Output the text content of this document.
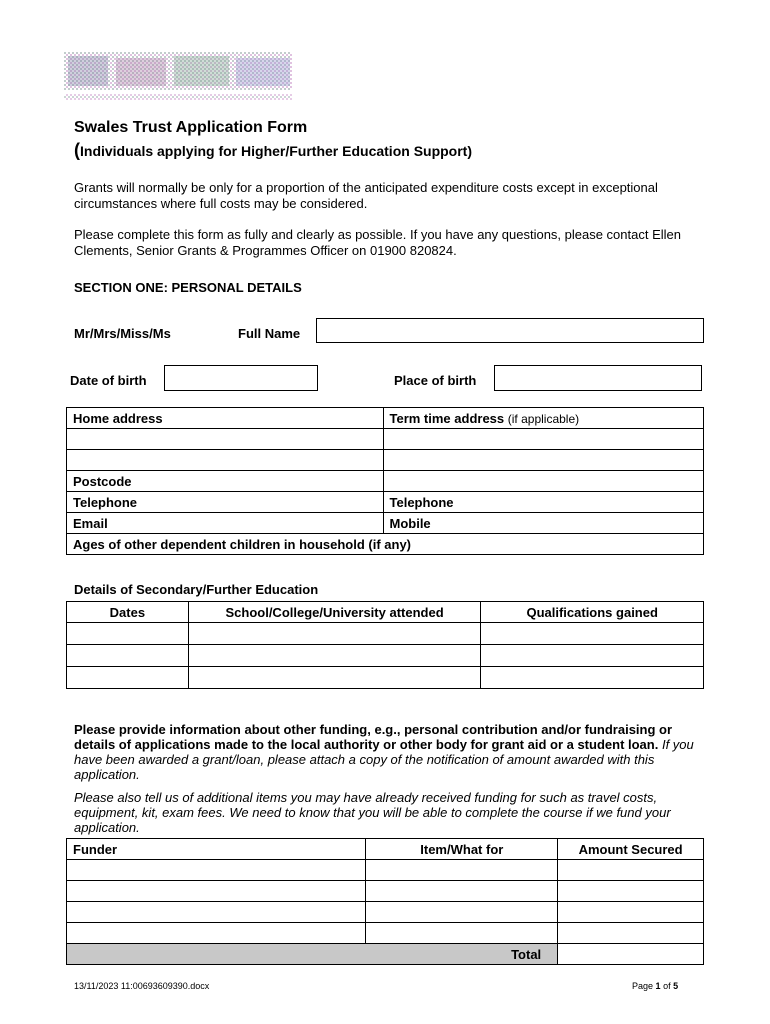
Swales Trust Application Form
(Individuals applying for Higher/Further Education Support)
Grants will normally be only for a proportion of the anticipated expenditure costs except in exceptional circumstances where full costs may be considered.
Please complete this form as fully and clearly as possible. If you have any questions, please contact Ellen Clements, Senior Grants & Programmes Officer on 01900 820824.
SECTION ONE: PERSONAL DETAILS
Mr/Mrs/Miss/Ms	Full Name
Date of birth	Place of birth
Home address	Term time address (if applicable)

Postcode	
Telephone	Telephone
Email	Mobile
Ages of other dependent children in household (if any)	
Details of Secondary/Further Education
Dates	School/College/University attended	Qualifications gained

Please provide information about other funding, e.g., personal contribution and/or fundraising or details of applications made to the local authority or other body for grant aid or a student loan. If you have been awarded a grant/loan, please attach a copy of the notification of amount awarded with this application.
Please also tell us of additional items you may have already received funding for such as travel costs, equipment, kit, exam fees. We need to know that you will be able to complete the course if we fund your application.
Funder	Item/What for	Amount Secured

Total		
13/11/2023 11:00693609390.docx	Page 1 of 5
